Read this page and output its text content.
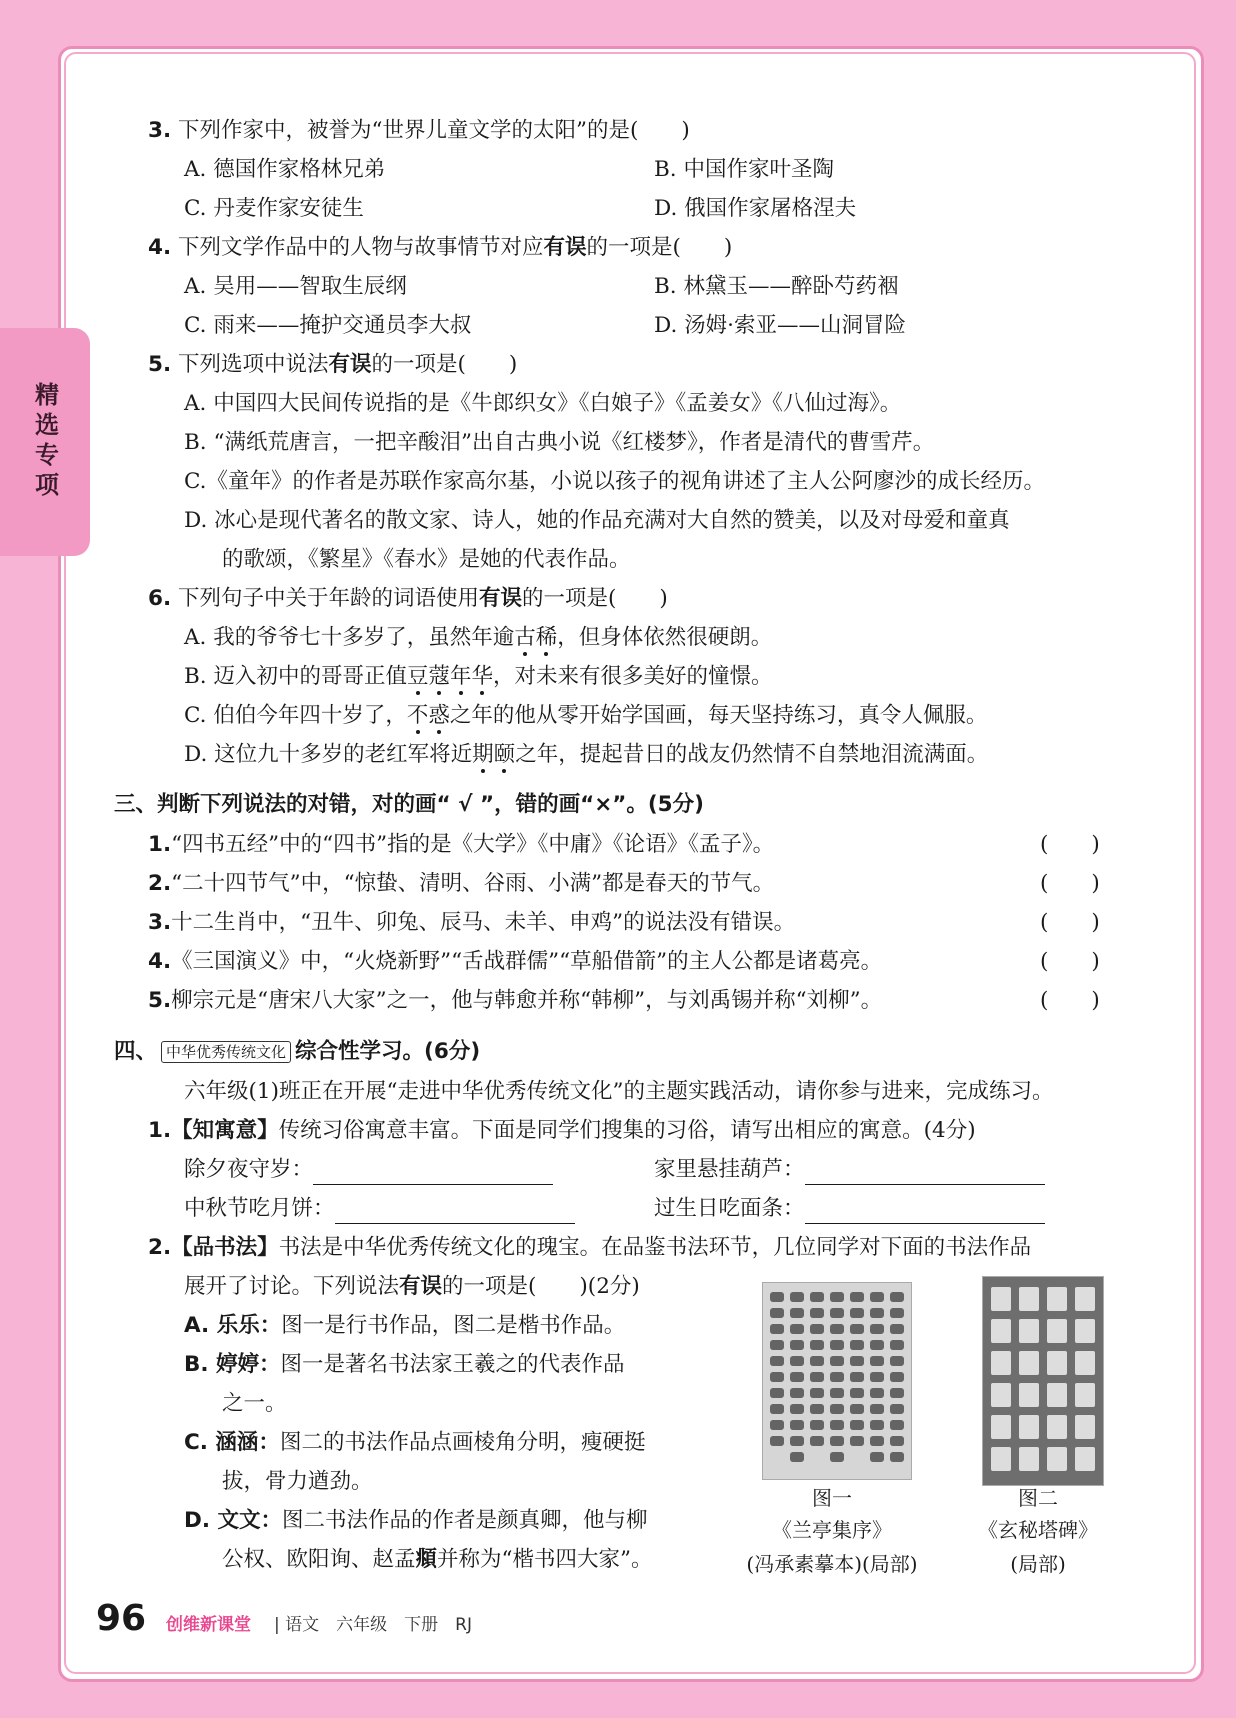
精选专项
3. 下列作家中，被誉为“世界儿童文学的太阳”的是(　　)
A. 德国作家格林兄弟	B. 中国作家叶圣陶
C. 丹麦作家安徒生	D. 俄国作家屠格涅夫
4. 下列文学作品中的人物与故事情节对应有误的一项是(　　)
A. 吴用——智取生辰纲	B. 林黛玉——醉卧芍药裀
C. 雨来——掩护交通员李大叔	D. 汤姆·索亚——山洞冒险
5. 下列选项中说法有误的一项是(　　)
A. 中国四大民间传说指的是《牛郎织女》《白娘子》《孟姜女》《八仙过海》。
B. “满纸荒唐言，一把辛酸泪”出自古典小说《红楼梦》，作者是清代的曹雪芹。
C.《童年》的作者是苏联作家高尔基，小说以孩子的视角讲述了主人公阿廖沙的成长经历。
D. 冰心是现代著名的散文家、诗人，她的作品充满对大自然的赞美，以及对母爱和童真
的歌颂，《繁星》《春水》是她的代表作品。
6. 下列句子中关于年龄的词语使用有误的一项是(　　)
A. 我的爷爷七十多岁了，虽然年逾古稀，但身体依然很硬朗。
B. 迈入初中的哥哥正值豆蔻年华，对未来有很多美好的憧憬。
C. 伯伯今年四十岁了，不惑之年的他从零开始学国画，每天坚持练习，真令人佩服。
D. 这位九十多岁的老红军将近期颐之年，提起昔日的战友仍然情不自禁地泪流满面。
三、判断下列说法的对错，对的画“ √ ”，错的画“×”。(5分)
1.“四书五经”中的“四书”指的是《大学》《中庸》《论语》《孟子》。	(　　)
2.“二十四节气”中，“惊蛰、清明、谷雨、小满”都是春天的节气。	(　　)
3.十二生肖中，“丑牛、卯兔、辰马、未羊、申鸡”的说法没有错误。	(　　)
4.《三国演义》中，“火烧新野”“舌战群儒”“草船借箭”的主人公都是诸葛亮。	(　　)
5.柳宗元是“唐宋八大家”之一，他与韩愈并称“韩柳”，与刘禹锡并称“刘柳”。	(　　)
四、 中华优秀传统文化 综合性学习。(6分)
六年级(1)班正在开展“走进中华优秀传统文化”的主题实践活动，请你参与进来，完成练习。
1.【知寓意】传统习俗寓意丰富。下面是同学们搜集的习俗，请写出相应的寓意。(4分)
除夕夜守岁：	家里悬挂葫芦：
中秋节吃月饼：	过生日吃面条：
2.【品书法】书法是中华优秀传统文化的瑰宝。在品鉴书法环节，几位同学对下面的书法作品
展开了讨论。下列说法有误的一项是(　　)(2分)
A. 乐乐：图一是行书作品，图二是楷书作品。
B. 婷婷：图一是著名书法家王羲之的代表作品
之一。
C. 涵涵：图二的书法作品点画棱角分明，瘦硬挺
拔，骨力遒劲。
D. 文文：图二书法作品的作者是颜真卿，他与柳
公权、欧阳询、赵孟頫并称为“楷书四大家”。
图一
《兰亭集序》
(冯承素摹本)(局部)
图二
《玄秘塔碑》
(局部)
96 创维新课堂 | 语文　六年级　下册　RJ
